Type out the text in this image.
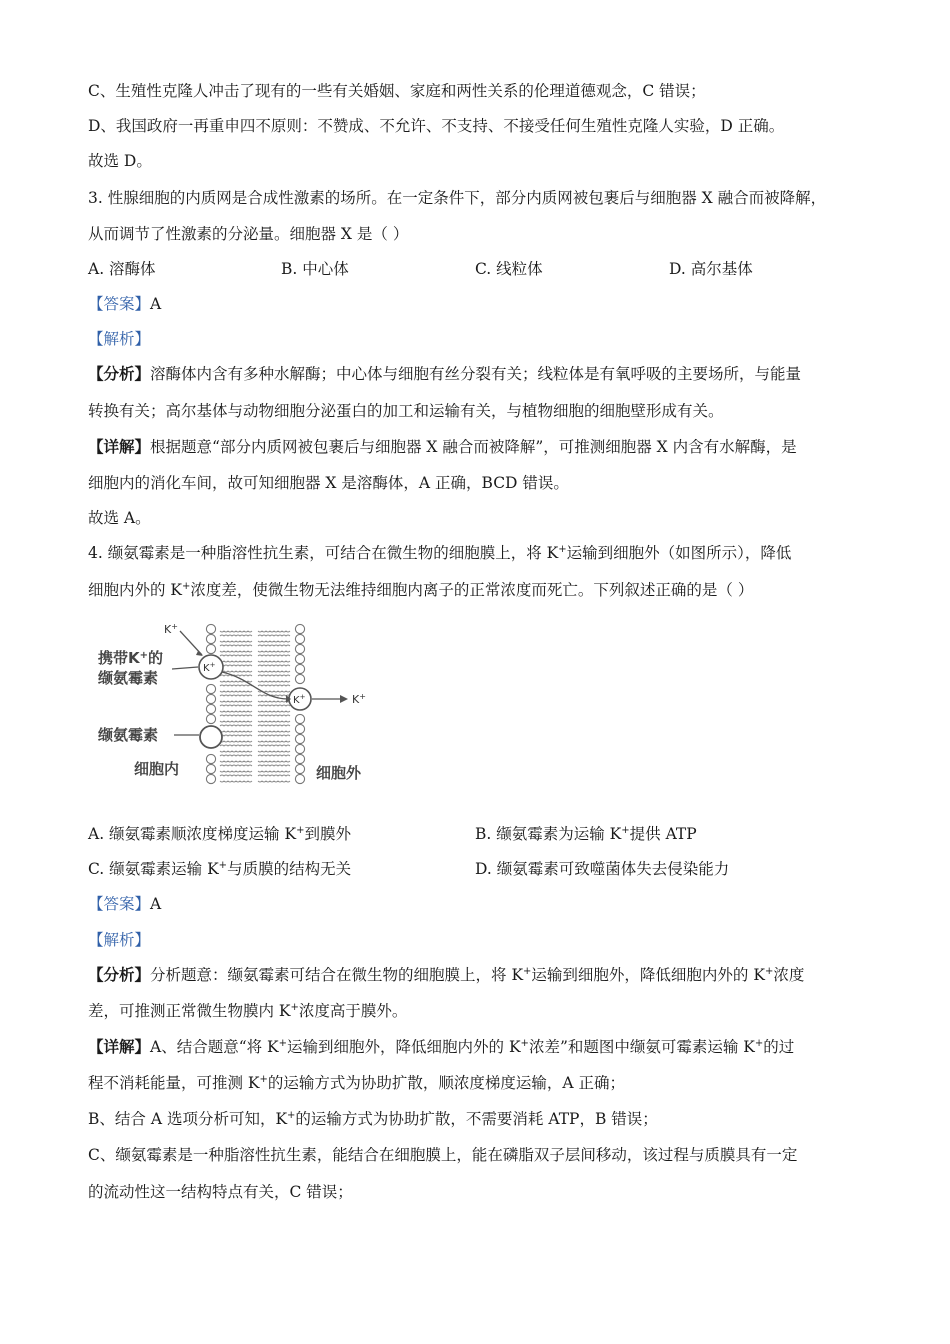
C、生殖性克隆人冲击了现有的一些有关婚姻、家庭和两性关系的伦理道德观念，C 错误；
D、我国政府一再重申四不原则：不赞成、不允许、不支持、不接受任何生殖性克隆人实验，D 正确。
故选 D。
3. 性腺细胞的内质网是合成性激素的场所。在一定条件下，部分内质网被包裹后与细胞器 X 融合而被降解，
从而调节了性激素的分泌量。细胞器 X 是（ ）
A. 溶酶体	B. 中心体	C. 线粒体	D. 高尔基体
【答案】A
【解析】
【分析】溶酶体内含有多种水解酶；中心体与细胞有丝分裂有关；线粒体是有氧呼吸的主要场所，与能量
转换有关；高尔基体与动物细胞分泌蛋白的加工和运输有关，与植物细胞的细胞壁形成有关。
【详解】根据题意“部分内质网被包裹后与细胞器 X 融合而被降解”，可推测细胞器 X 内含有水解酶，是
细胞内的消化车间，故可知细胞器 X 是溶酶体，A 正确，BCD 错误。
故选 A。
4. 缬氨霉素是一种脂溶性抗生素，可结合在微生物的细胞膜上，将 K+运输到细胞外（如图所示），降低
细胞内外的 K+浓度差，使微生物无法维持细胞内离子的正常浓度而死亡。下列叙述正确的是（ ）
K+
K+
K+	K+
携带K+的
缬氨霉素
缬氨霉素
细胞内	细胞外
A. 缬氨霉素顺浓度梯度运输 K+到膜外	B. 缬氨霉素为运输 K+提供 ATP
C. 缬氨霉素运输 K+与质膜的结构无关	D. 缬氨霉素可致噬菌体失去侵染能力
【答案】A
【解析】
【分析】分析题意：缬氨霉素可结合在微生物的细胞膜上，将 K+运输到细胞外，降低细胞内外的 K+浓度
差，可推测正常微生物膜内 K+浓度高于膜外。
【详解】A、结合题意“将 K+运输到细胞外，降低细胞内外的 K+浓差”和题图中缬氨可霉素运输 K+的过
程不消耗能量，可推测 K+的运输方式为协助扩散，顺浓度梯度运输，A 正确；
B、结合 A 选项分析可知，K+的运输方式为协助扩散，不需要消耗 ATP，B 错误；
C、缬氨霉素是一种脂溶性抗生素，能结合在细胞膜上，能在磷脂双子层间移动，该过程与质膜具有一定
的流动性这一结构特点有关，C 错误；
